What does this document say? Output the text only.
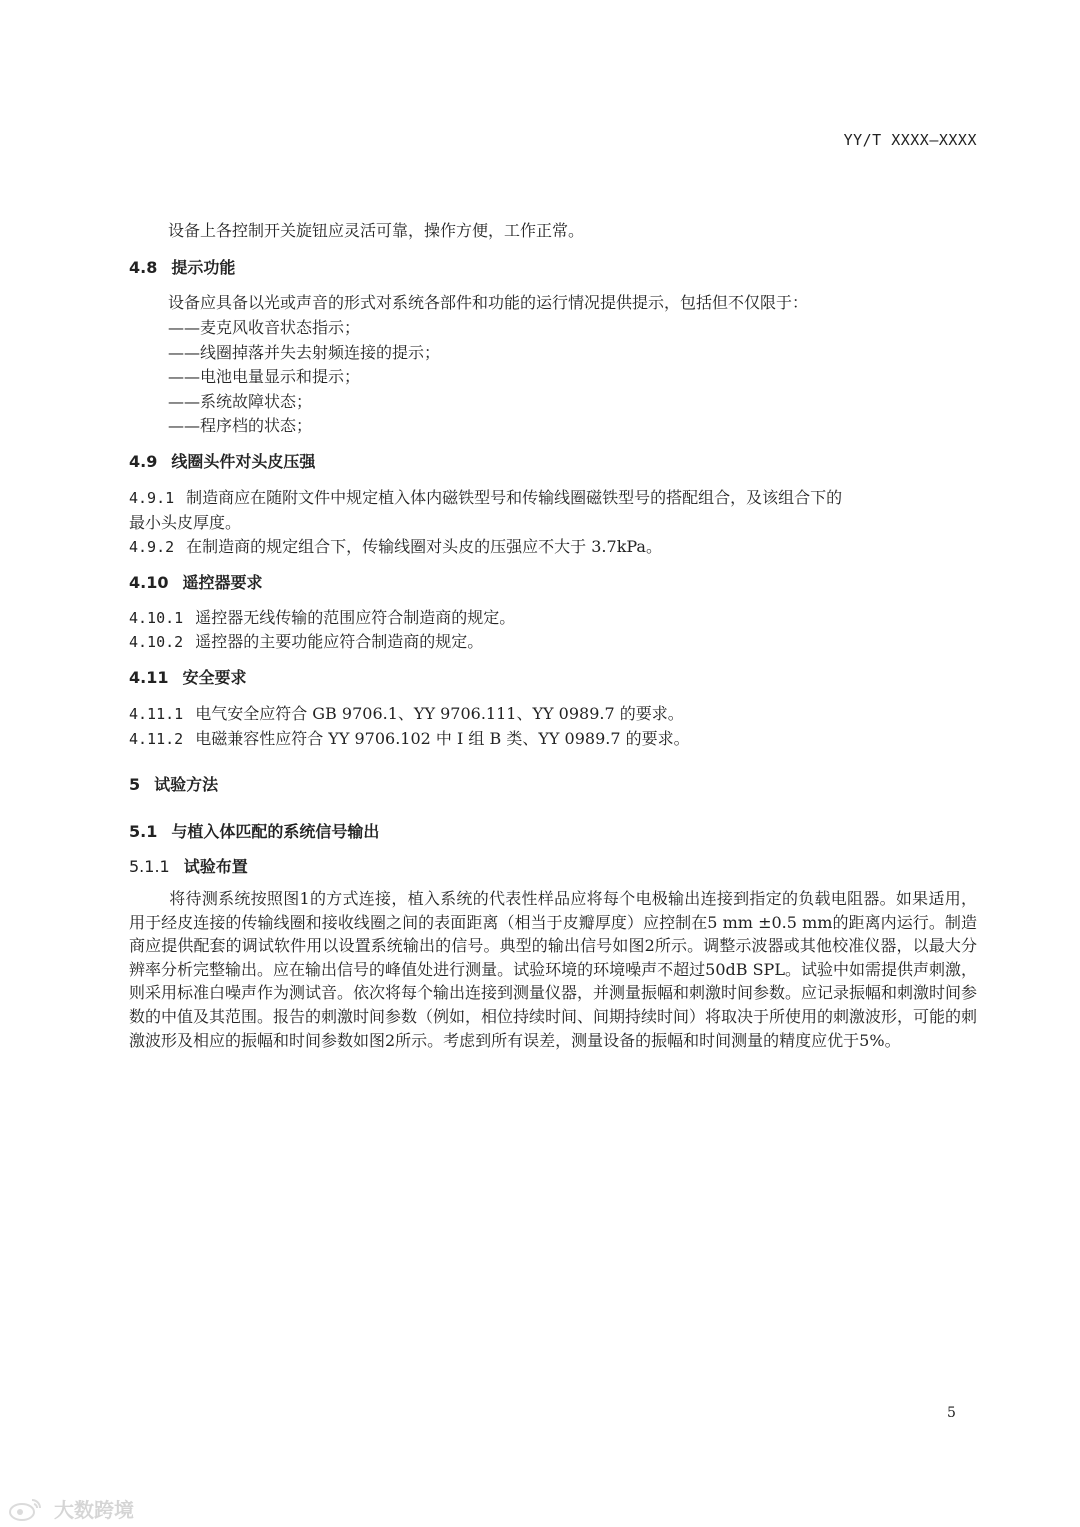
YY/T XXXX—XXXX
设备上各控制开关旋钮应灵活可靠，操作方便，工作正常。
4.8 提示功能
设备应具备以光或声音的形式对系统各部件和功能的运行情况提供提示，包括但不仅限于：
——麦克风收音状态指示；
——线圈掉落并失去射频连接的提示；
——电池电量显示和提示；
——系统故障状态；
——程序档的状态；
4.9 线圈头件对头皮压强
4.9.1 制造商应在随附文件中规定植入体内磁铁型号和传输线圈磁铁型号的搭配组合，及该组合下的
最小头皮厚度。
4.9.2 在制造商的规定组合下，传输线圈对头皮的压强应不大于 3.7kPa。
4.10 遥控器要求
4.10.1 遥控器无线传输的范围应符合制造商的规定。
4.10.2 遥控器的主要功能应符合制造商的规定。
4.11 安全要求
4.11.1 电气安全应符合 GB 9706.1、YY 9706.111、YY 0989.7 的要求。
4.11.2 电磁兼容性应符合 YY 9706.102 中 I 组 B 类、YY 0989.7 的要求。
5 试验方法
5.1 与植入体匹配的系统信号输出
5.1.1 试验布置
将待测系统按照图1的方式连接，植入系统的代表性样品应将每个电极输出连接到指定的负载电阻器。如果适用，用于经皮连接的传输线圈和接收线圈之间的表面距离（相当于皮瓣厚度）应控制在5 mm ±0.5 mm的距离内运行。制造商应提供配套的调试软件用以设置系统输出的信号。典型的输出信号如图2所示。调整示波器或其他校准仪器，以最大分辨率分析完整输出。应在输出信号的峰值处进行测量。试验环境的环境噪声不超过50dB SPL。试验中如需提供声刺激，则采用标准白噪声作为测试音。依次将每个输出连接到测量仪器，并测量振幅和刺激时间参数。应记录振幅和刺激时间参数的中值及其范围。报告的刺激时间参数（例如，相位持续时间、间期持续时间）将取决于所使用的刺激波形，可能的刺激波形及相应的振幅和时间参数如图2所示。考虑到所有误差，测量设备的振幅和时间测量的精度应优于5%。
5
大数跨境
